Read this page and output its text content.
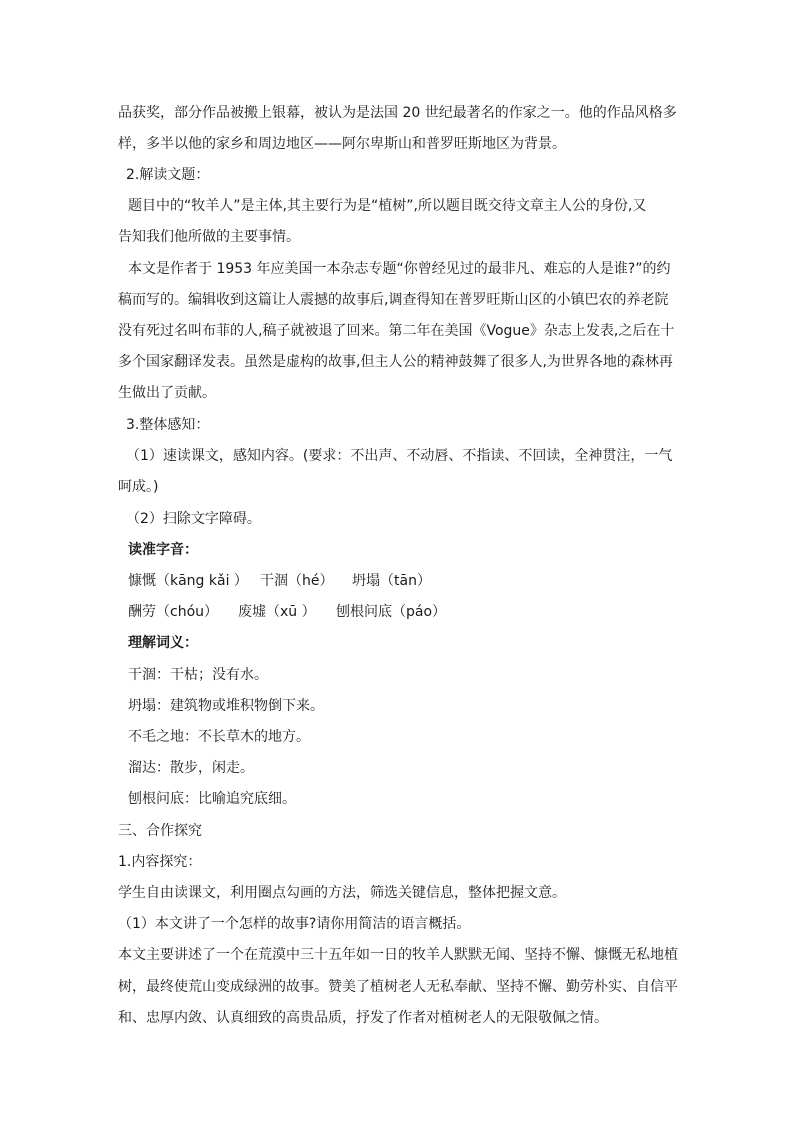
品获奖，部分作品被搬上银幕，被认为是法国 20 世纪最著名的作家之一。他的作品风格多
样，多半以他的家乡和周边地区——阿尔卑斯山和普罗旺斯地区为背景。
2.解读文题：
题目中的“牧羊人”是主体,其主要行为是“植树”,所以题目既交待文章主人公的身份,又
告知我们他所做的主要事情。
本文是作者于 1953 年应美国一本杂志专题“你曾经见过的最非凡、难忘的人是谁?”的约
稿而写的。编辑收到这篇让人震撼的故事后,调查得知在普罗旺斯山区的小镇巴农的养老院
没有死过名叫布菲的人,稿子就被退了回来。第二年在美国《Vogue》杂志上发表,之后在十
多个国家翻译发表。虽然是虚构的故事,但主人公的精神鼓舞了很多人,为世界各地的森林再
生做出了贡献。
3.整体感知：
（1）速读课文，感知内容。(要求：不出声、不动唇、不指读、不回读，全神贯注，一气
呵成。)
（2）扫除文字障碍。
读准字音：
慷慨（kāng kǎi ） 干涸（hé） 坍塌（tān）
酬劳（chóu） 废墟（xū ） 刨根问底（páo）
理解词义：
干涸：干枯；没有水。
坍塌：建筑物或堆积物倒下来。
不毛之地：不长草木的地方。
溜达：散步，闲走。
刨根问底：比喻追究底细。
三、合作探究
1.内容探究：
学生自由读课文，利用圈点勾画的方法，筛选关键信息，整体把握文意。
（1）本文讲了一个怎样的故事?请你用简洁的语言概括。
本文主要讲述了一个在荒漠中三十五年如一日的牧羊人默默无闻、坚持不懈、慷慨无私地植
树，最终使荒山变成绿洲的故事。赞美了植树老人无私奉献、坚持不懈、勤劳朴实、自信平
和、忠厚内敛、认真细致的高贵品质，抒发了作者对植树老人的无限敬佩之情。
